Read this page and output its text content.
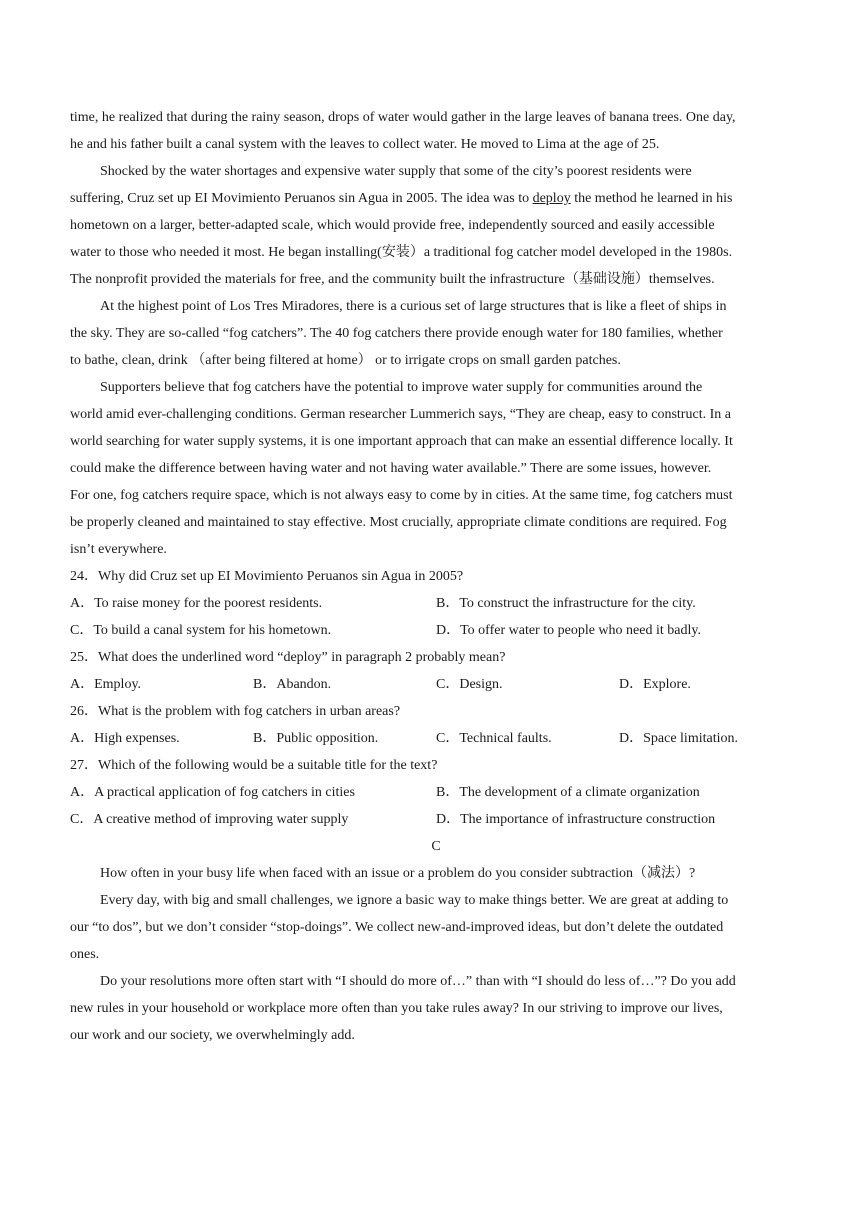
time, he realized that during the rainy season, drops of water would gather in the large leaves of banana trees. One day,
he and his father built a canal system with the leaves to collect water. He moved to Lima at the age of 25.
Shocked by the water shortages and expensive water supply that some of the city’s poorest residents were
suffering, Cruz set up EI Movimiento Peruanos sin Agua in 2005. The idea was to deploy the method he learned in his
hometown on a larger, better-adapted scale, which would provide free, independently sourced and easily accessible
water to those who needed it most. He began installing(安装）a traditional fog catcher model developed in the 1980s.
The nonprofit provided the materials for free, and the community built the infrastructure（基础设施）themselves.
At the highest point of Los Tres Miradores, there is a curious set of large structures that is like a fleet of ships in
the sky. They are so-called “fog catchers”. The 40 fog catchers there provide enough water for 180 families, whether
to bathe, clean, drink （after being filtered at home） or to irrigate crops on small garden patches.
Supporters believe that fog catchers have the potential to improve water supply for communities around the
world amid ever-challenging conditions. German researcher Lummerich says, “They are cheap, easy to construct. In a
world searching for water supply systems, it is one important approach that can make an essential difference locally. It
could make the difference between having water and not having water available.” There are some issues, however.
For one, fog catchers require space, which is not always easy to come by in cities. At the same time, fog catchers must
be properly cleaned and maintained to stay effective. Most crucially, appropriate climate conditions are required. Fog
isn’t everywhere.
24．Why did Cruz set up EI Movimiento Peruanos sin Agua in 2005?
A．To raise money for the poorest residents.	B．To construct the infrastructure for the city.
C．To build a canal system for his hometown.	D．To offer water to people who need it badly.
25．What does the underlined word “deploy” in paragraph 2 probably mean?
A．Employ.	B．Abandon.	C．Design.	D．Explore.
26．What is the problem with fog catchers in urban areas?
A．High expenses.	B．Public opposition.	C．Technical faults.	D．Space limitation.
27．Which of the following would be a suitable title for the text?
A．A practical application of fog catchers in cities	B．The development of a climate organization
C．A creative method of improving water supply	D．The importance of infrastructure construction
C
How often in your busy life when faced with an issue or a problem do you consider subtraction（减法）?
Every day, with big and small challenges, we ignore a basic way to make things better. We are great at adding to
our “to dos”, but we don’t consider “stop-doings”. We collect new-and-improved ideas, but don’t delete the outdated
ones.
Do your resolutions more often start with “I should do more of…” than with “I should do less of…”? Do you add
new rules in your household or workplace more often than you take rules away? In our striving to improve our lives,
our work and our society, we overwhelmingly add.
